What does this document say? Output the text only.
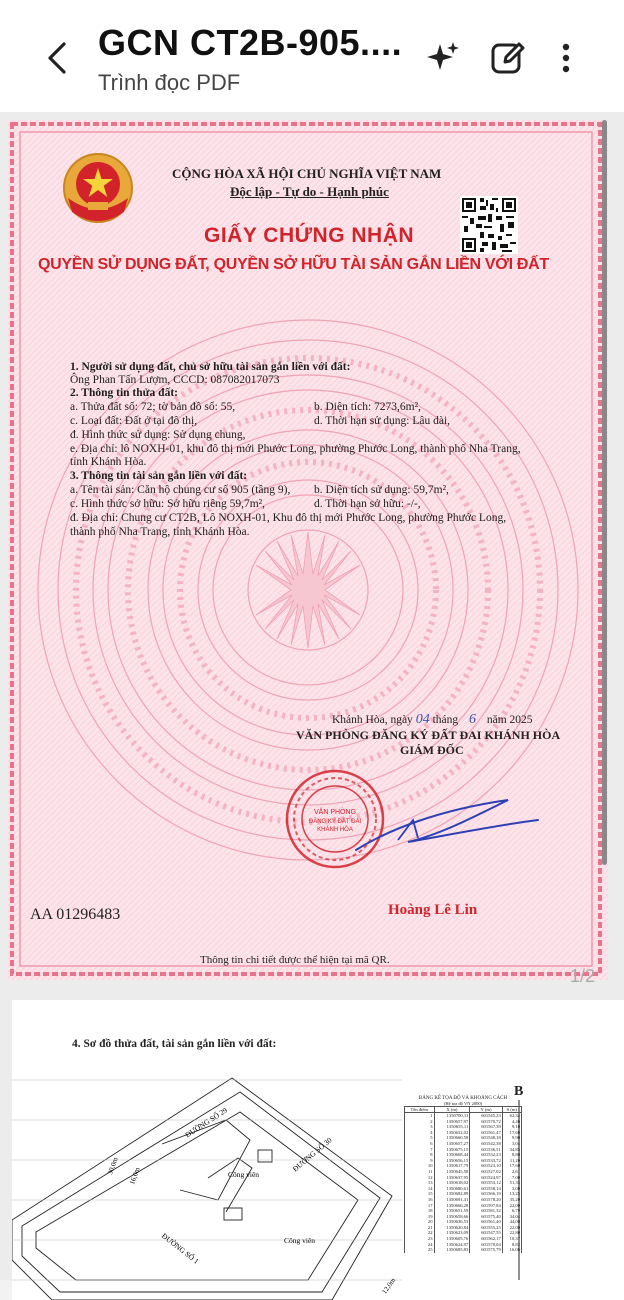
GCN CT2B-905....
Trình đọc PDF
CỘNG HÒA XÃ HỘI CHỦ NGHĨA VIỆT NAM
Độc lập - Tự do - Hạnh phúc
GIẤY CHỨNG NHẬN
QUYỀN SỬ DỤNG ĐẤT, QUYỀN SỞ HỮU TÀI SẢN GẮN LIỀN VỚI ĐẤT
1. Người sử dụng đất, chủ sở hữu tài sản gắn liền với đất:
Ông Phan Tấn Lượm, CCCD: 087082017073
2. Thông tin thửa đất:
a. Thửa đất số: 72; tờ bản đồ số: 55,	b. Diện tích: 7273,6m²,
c. Loại đất: Đất ở tại đô thị,	d. Thời hạn sử dụng: Lâu dài,
đ. Hình thức sử dụng: Sử dụng chung,
e. Địa chỉ: lô NOXH-01, khu đô thị mới Phước Long, phường Phước Long, thành phố Nha Trang,
tỉnh Khánh Hòa.
3. Thông tin tài sản gắn liền với đất:
a. Tên tài sản: Căn hộ chung cư số 905 (tầng 9), b. Diện tích sử dụng: 59,7m²,
c. Hình thức sở hữu: Sở hữu riêng 59,7m²,	d. Thời hạn sở hữu: -/-,
đ. Địa chỉ: Chung cư CT2B, Lô NOXH-01, Khu đô thị mới Phước Long, phường Phước Long,
thành phố Nha Trang, tỉnh Khánh Hòa.
Khánh Hòa, ngày 04 tháng 6 năm 2025
VĂN PHÒNG ĐĂNG KÝ ĐẤT ĐAI KHÁNH HÒA
GIÁM ĐỐC
VĂN PHÒNG
ĐĂNG KÝ ĐẤT ĐAI
KHÁNH HÒA
Hoàng Lê Lin
AA 01296483
Thông tin chi tiết được thể hiện tại mã QR.
1/2
4. Sơ đồ thửa đất, tài sản gắn liền với đất:
B
ĐƯỜNG SỐ 29
ĐƯỜNG SỐ 30
ĐƯỜNG SỐ 1
Công viên
Công viên
30,0m
16,0m
12,0m
BẢNG KÊ TỌA ĐỘ VÀ KHOẢNG CÁCH
(Hệ tọa độ VN 2000)
Tên điểm	X (m)	Y (m)	S (m)
1	1350700,11	601545,23	62,34
2	1350657,97	601570,72	4,40
3	1350655,11	601567,39	9,10
4	1350652,02	601561,47	17,60
5	1350660,58	601548,18	9,90
6	1350657,27	601542,38	3,04
7	1350675,15	601536,51	34,85
8	1350668,44	601532,23	8,80
9	1350656,15	601533,72	11,20
10	1350617,79	601523,10	17,60
11	1350645,58	601527,02	2,61
12	1350637,95	601524,97	7,00
13	1350618,02	601553,12	51,35
14	1350680,61	601558,14	3,00
15	1350682,89	601566,19	13,25
16	1350691,41	601578,20	35,20
17	1350666,28	601597,84	22,00
18	1350651,59	601581,32	6,79
19	1350658,66	601575,40	34,04
20	1350636,53	601561,40	44,00
21	1350620,84	601555,25	22,00
22	1350623,09	601547,55	22,80
23	1350605,76	601562,17	10,37
24	1350624,97	601570,04	8,82
25	1350685,83	601575,79	16,06
